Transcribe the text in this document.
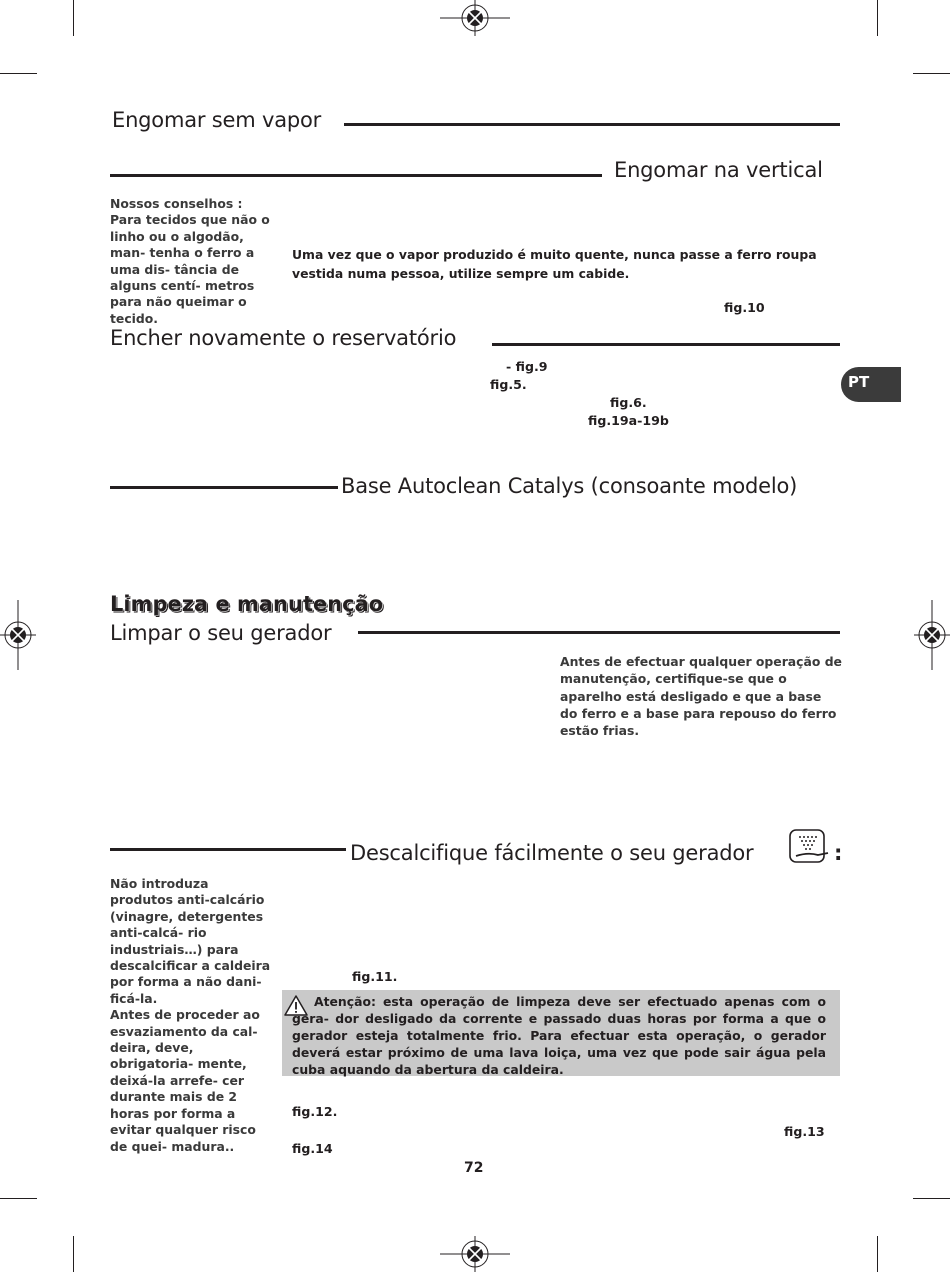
Engomar sem vapor
Engomar na vertical
Nossos conselhos : Para tecidos que não o linho ou o algodão, man- tenha o ferro a uma dis- tância de alguns centí- metros para não queimar o tecido.
Uma vez que o vapor produzido é muito quente, nunca passe a ferro roupa vestida numa pessoa, utilize sempre um cabide.
fig.10
Encher novamente o reservatório
- fig.9
fig.5.
fig.6.
fig.19a-19b
PT
Base Autoclean Catalys (consoante modelo)
Limpeza e manutenção
Limpar o seu gerador
Antes de efectuar qualquer operação de manutenção, certifique-se que o aparelho está desligado e que a base do ferro e a base para repouso do ferro estão frias.
Descalcifique fácilmente o seu gerador	:
Não introduza produtos anti-calcário (vinagre, detergentes anti-calcá- rio industriais…) para descalcificar a caldeira por forma a não dani- ficá-la.
Antes de proceder ao esvaziamento da cal- deira, deve, obrigatoria- mente, deixá-la arrefe- cer durante mais de 2 horas por forma a evitar qualquer risco de quei- madura..
fig.11.
Atenção: esta operação de limpeza deve ser efectuado apenas com o gera- dor desligado da corrente e passado duas horas por forma a que o gerador esteja totalmente frio. Para efectuar esta operação, o gerador deverá estar próximo de uma lava loiça, uma vez que pode sair água pela cuba aquando da abertura da caldeira.
fig.12.
fig.13
fig.14
72
